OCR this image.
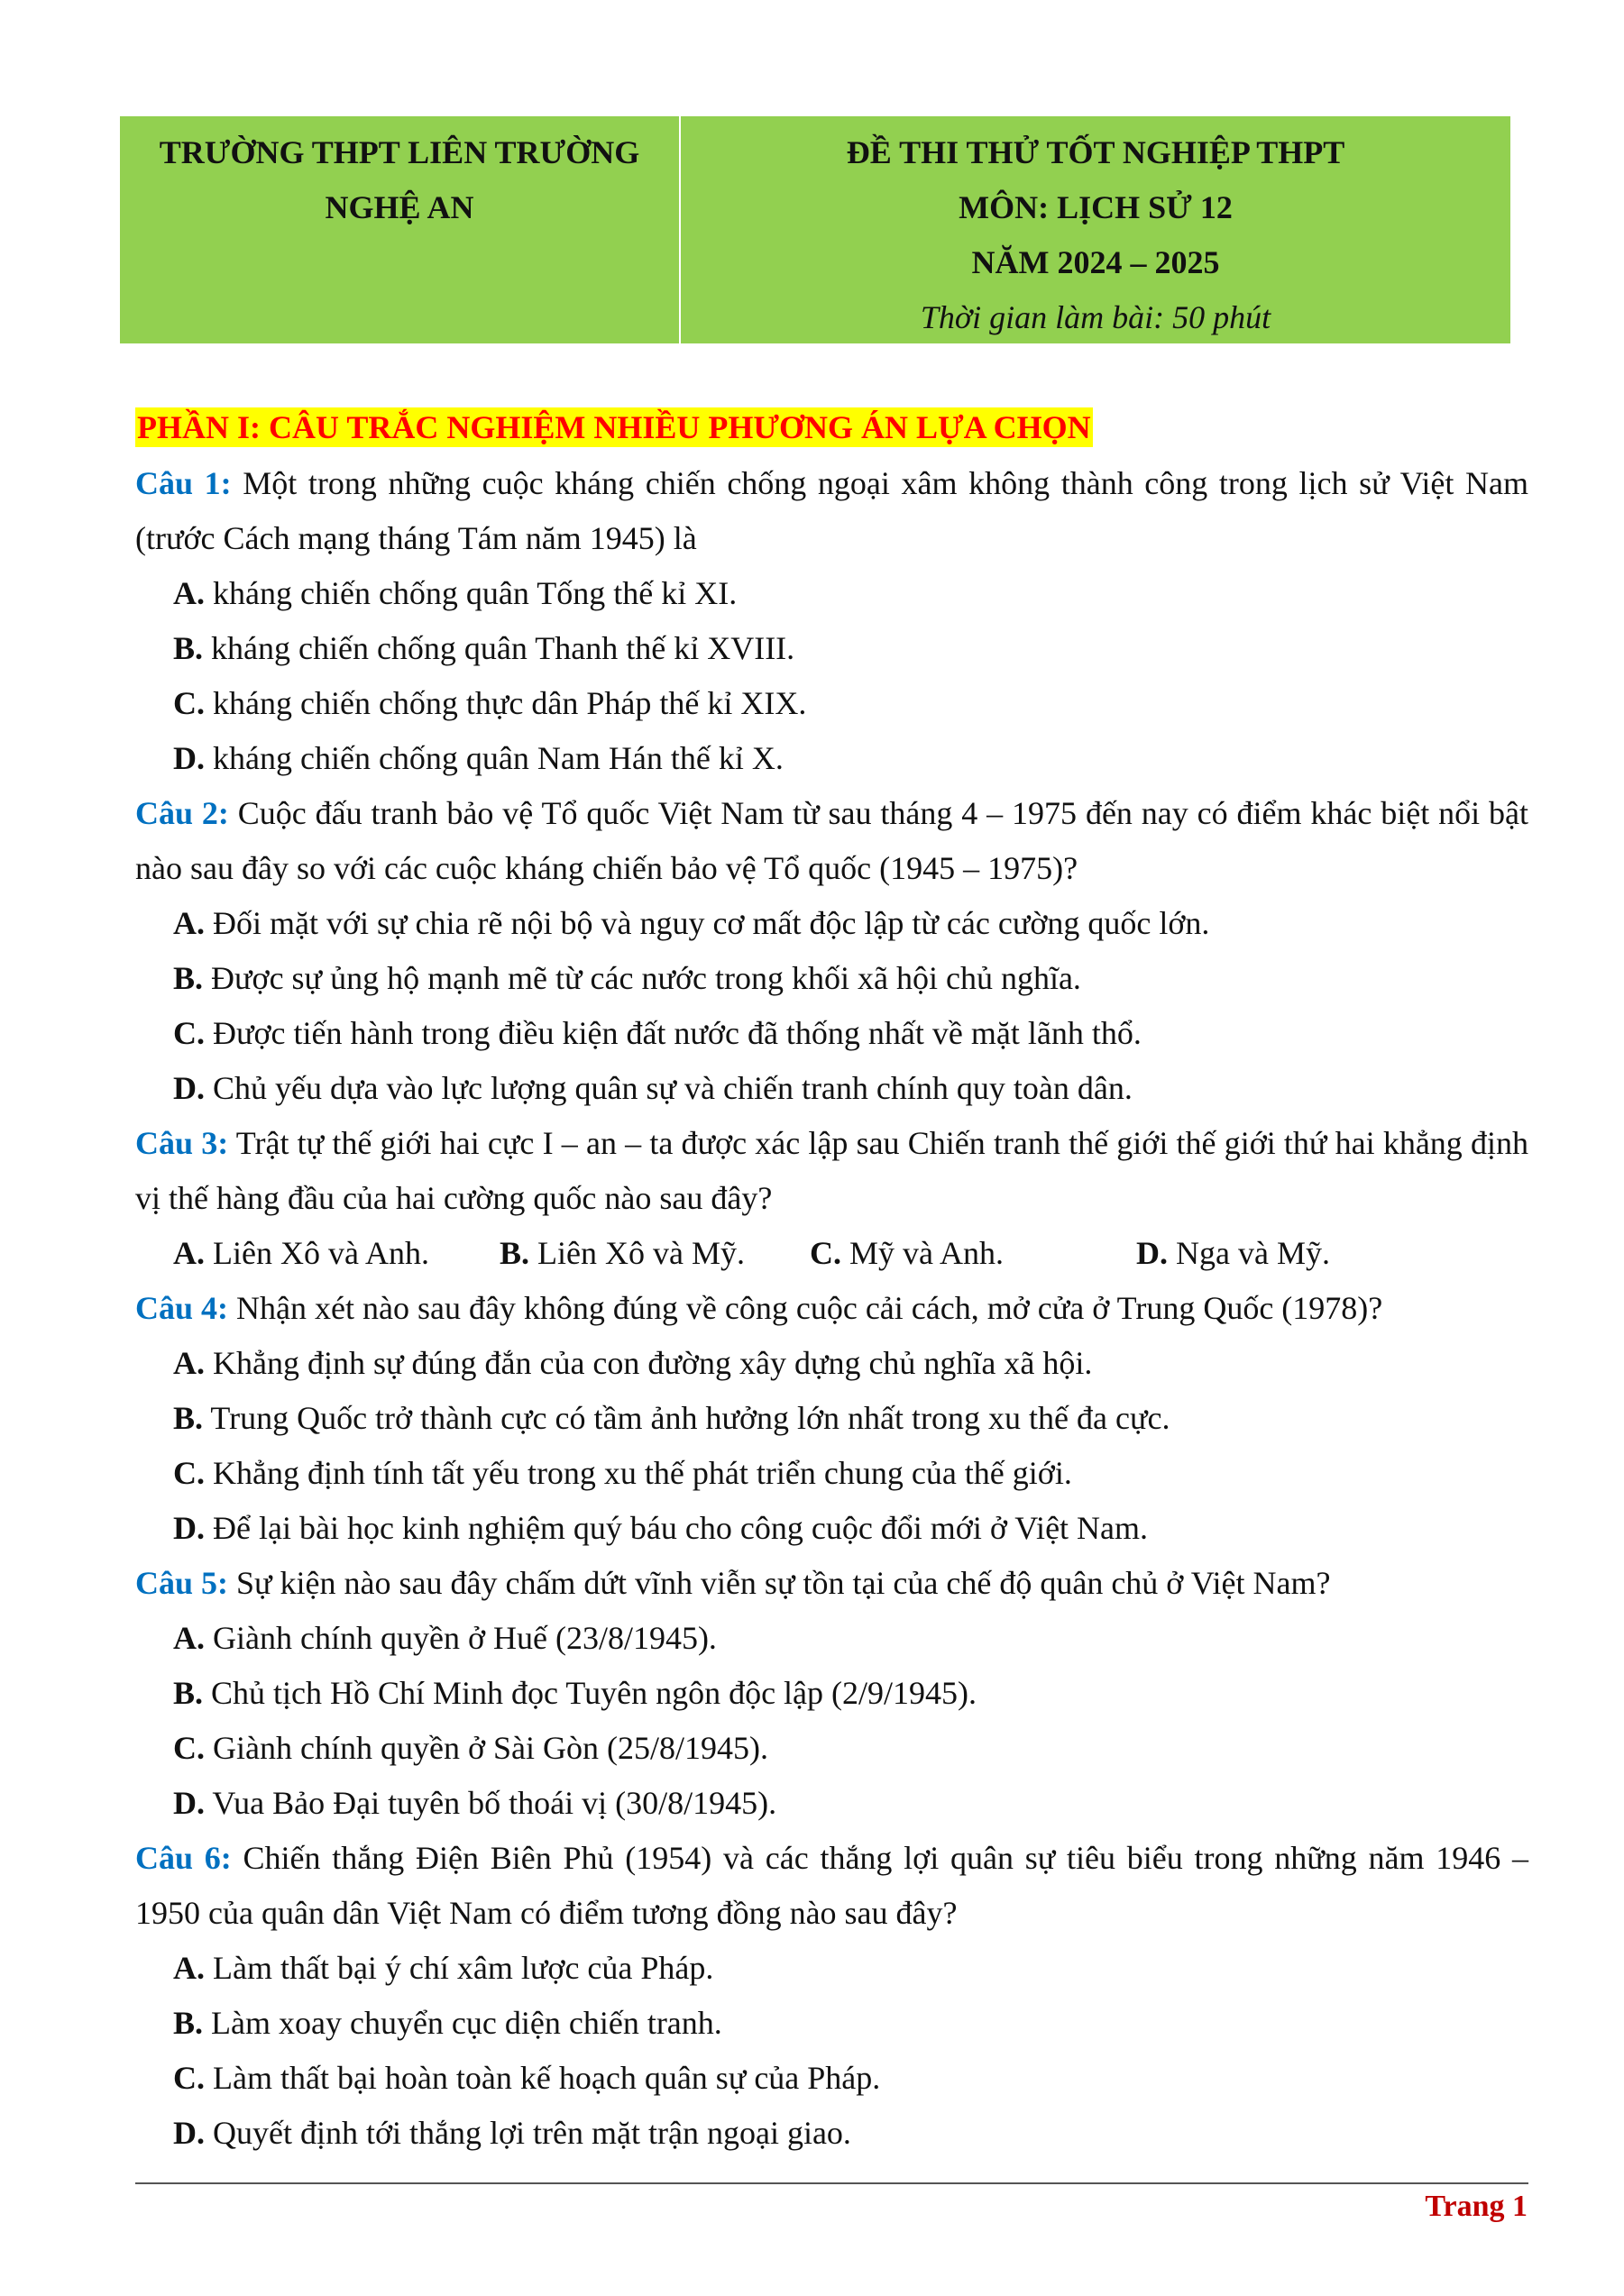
TRƯỜNG THPT LIÊN TRƯỜNG
NGHỆ AN
ĐỀ THI THỬ TỐT NGHIỆP THPT
MÔN: LỊCH SỬ 12
NĂM 2024 – 2025
Thời gian làm bài: 50 phút
PHẦN I: CÂU TRẮC NGHIỆM NHIỀU PHƯƠNG ÁN LỰA CHỌN
Câu 1: Một trong những cuộc kháng chiến chống ngoại xâm không thành công trong lịch sử Việt Nam (trước Cách mạng tháng Tám năm 1945) là
A. kháng chiến chống quân Tống thế kỉ XI.
B. kháng chiến chống quân Thanh thế kỉ XVIII.
C. kháng chiến chống thực dân Pháp thế kỉ XIX.
D. kháng chiến chống quân Nam Hán thế kỉ X.
Câu 2: Cuộc đấu tranh bảo vệ Tổ quốc Việt Nam từ sau tháng 4 – 1975 đến nay có điểm khác biệt nổi bật nào sau đây so với các cuộc kháng chiến bảo vệ Tổ quốc (1945 – 1975)?
A. Đối mặt với sự chia rẽ nội bộ và nguy cơ mất độc lập từ các cường quốc lớn.
B. Được sự ủng hộ mạnh mẽ từ các nước trong khối xã hội chủ nghĩa.
C. Được tiến hành trong điều kiện đất nước đã thống nhất về mặt lãnh thổ.
D. Chủ yếu dựa vào lực lượng quân sự và chiến tranh chính quy toàn dân.
Câu 3: Trật tự thế giới hai cực I – an – ta được xác lập sau Chiến tranh thế giới thế giới thứ hai khẳng định vị thế hàng đầu của hai cường quốc nào sau đây?
A. Liên Xô và Anh.	B. Liên Xô và Mỹ.	C. Mỹ và Anh.	D. Nga và Mỹ.
Câu 4: Nhận xét nào sau đây không đúng về công cuộc cải cách, mở cửa ở Trung Quốc (1978)?
A. Khẳng định sự đúng đắn của con đường xây dựng chủ nghĩa xã hội.
B. Trung Quốc trở thành cực có tầm ảnh hưởng lớn nhất trong xu thế đa cực.
C. Khẳng định tính tất yếu trong xu thế phát triển chung của thế giới.
D. Để lại bài học kinh nghiệm quý báu cho công cuộc đổi mới ở Việt Nam.
Câu 5: Sự kiện nào sau đây chấm dứt vĩnh viễn sự tồn tại của chế độ quân chủ ở Việt Nam?
A. Giành chính quyền ở Huế (23/8/1945).
B. Chủ tịch Hồ Chí Minh đọc Tuyên ngôn độc lập (2/9/1945).
C. Giành chính quyền ở Sài Gòn (25/8/1945).
D. Vua Bảo Đại tuyên bố thoái vị (30/8/1945).
Câu 6: Chiến thắng Điện Biên Phủ (1954) và các thắng lợi quân sự tiêu biểu trong những năm 1946 – 1950 của quân dân Việt Nam có điểm tương đồng nào sau đây?
A. Làm thất bại ý chí xâm lược của Pháp.
B. Làm xoay chuyển cục diện chiến tranh.
C. Làm thất bại hoàn toàn kế hoạch quân sự của Pháp.
D. Quyết định tới thắng lợi trên mặt trận ngoại giao.
Trang 1
